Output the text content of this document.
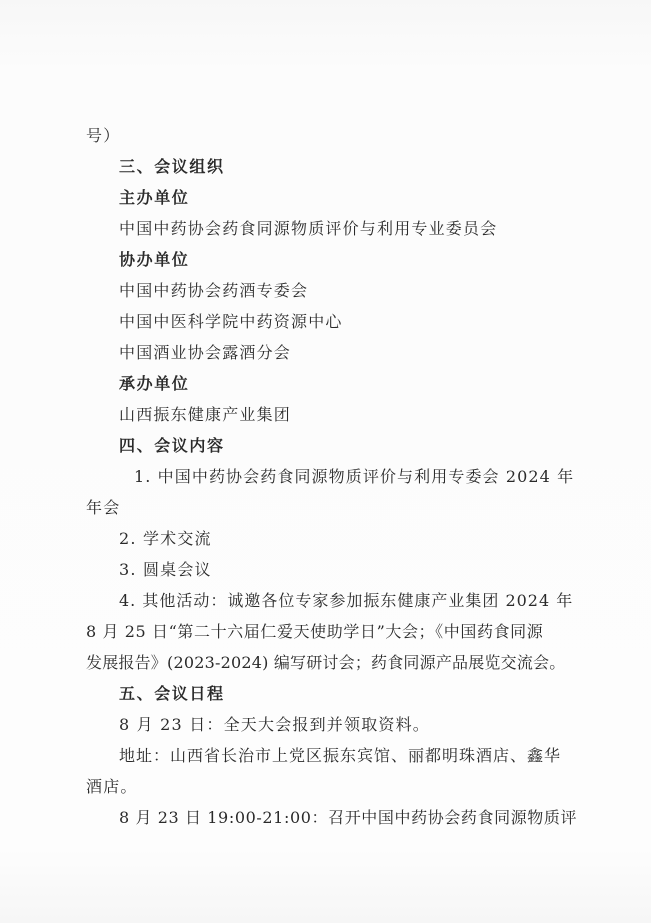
号）
三、会议组织
主办单位
中国中药协会药食同源物质评价与利用专业委员会
协办单位
中国中药协会药酒专委会
中国中医科学院中药资源中心
中国酒业协会露酒分会
承办单位
山西振东健康产业集团
四、会议内容
1. 中国中药协会药食同源物质评价与利用专委会 2024 年
年会
2. 学术交流
3. 圆桌会议
4. 其他活动：诚邀各位专家参加振东健康产业集团 2024 年
8 月 25 日“第二十六届仁爱天使助学日”大会；《中国药食同源
发展报告》(2023-2024) 编写研讨会；药食同源产品展览交流会。
五、会议日程
8 月 23 日：全天大会报到并领取资料。
地址：山西省长治市上党区振东宾馆、丽都明珠酒店、鑫华
酒店。
8 月 23 日 19:00-21:00：召开中国中药协会药食同源物质评
